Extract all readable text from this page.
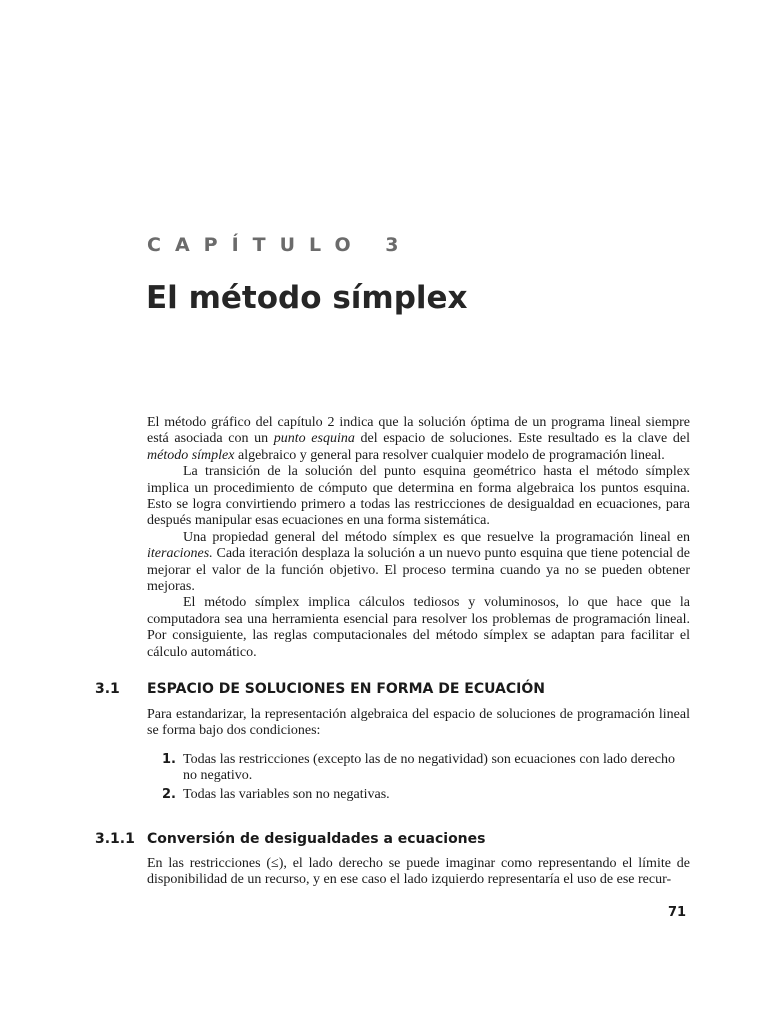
CAPÍTULO 3
El método símplex

El método gráfico del capítulo 2 indica que la solución óptima de un programa lineal siempre está asociada con un punto esquina del espacio de soluciones. Este resultado es la clave del método símplex algebraico y general para resolver cualquier modelo de programación lineal.

La transición de la solución del punto esquina geométrico hasta el método símplex implica un procedimiento de cómputo que determina en forma algebraica los puntos esquina. Esto se logra convirtiendo primero a todas las restricciones de desigualdad en ecuaciones, para después manipular esas ecuaciones en una forma sistemática.

Una propiedad general del método símplex es que resuelve la programación lineal en iteraciones. Cada iteración desplaza la solución a un nuevo punto esquina que tiene potencial de mejorar el valor de la función objetivo. El proceso termina cuando ya no se pueden obtener mejoras.

El método símplex implica cálculos tediosos y voluminosos, lo que hace que la computadora sea una herramienta esencial para resolver los problemas de programación lineal. Por consiguiente, las reglas computacionales del método símplex se adaptan para facilitar el cálculo automático.

3.1 ESPACIO DE SOLUCIONES EN FORMA DE ECUACIÓN
Para estandarizar, la representación algebraica del espacio de soluciones de programación lineal se forma bajo dos condiciones:
1. Todas las restricciones (excepto las de no negatividad) son ecuaciones con lado derecho no negativo.
2. Todas las variables son no negativas.
3.1.1 Conversión de desigualdades a ecuaciones
En las restricciones (≤), el lado derecho se puede imaginar como representando el límite de disponibilidad de un recurso, y en ese caso el lado izquierdo representaría el uso de ese recur-
71
